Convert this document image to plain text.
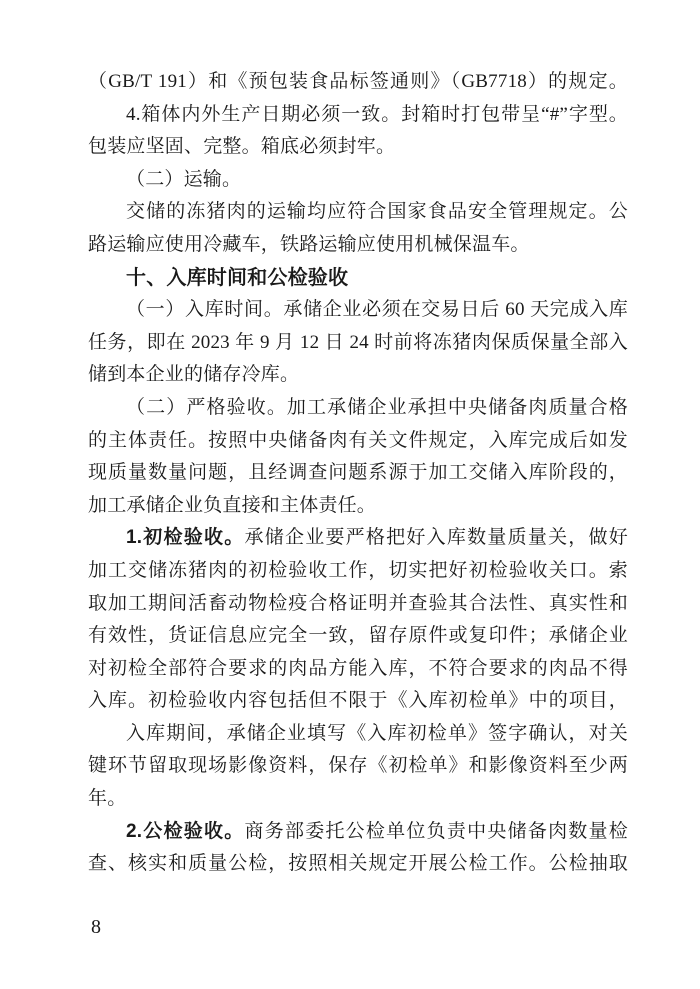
（GB/T 191）和《预包装食品标签通则》（GB7718）的规定。
4.箱体内外生产日期必须一致。封箱时打包带呈“#”字型。
包装应坚固、完整。箱底必须封牢。
（二）运输。
交储的冻猪肉的运输均应符合国家食品安全管理规定。公
路运输应使用冷藏车，铁路运输应使用机械保温车。
十、入库时间和公检验收
（一）入库时间。承储企业必须在交易日后 60 天完成入库
任务，即在 2023 年 9 月 12 日 24 时前将冻猪肉保质保量全部入
储到本企业的储存冷库。
（二）严格验收。加工承储企业承担中央储备肉质量合格
的主体责任。按照中央储备肉有关文件规定，入库完成后如发
现质量数量问题，且经调查问题系源于加工交储入库阶段的，
加工承储企业负直接和主体责任。
1.初检验收。承储企业要严格把好入库数量质量关，做好
加工交储冻猪肉的初检验收工作，切实把好初检验收关口。索
取加工期间活畜动物检疫合格证明并查验其合法性、真实性和
有效性，货证信息应完全一致，留存原件或复印件；承储企业
对初检全部符合要求的肉品方能入库，不符合要求的肉品不得
入库。初检验收内容包括但不限于《入库初检单》中的项目，
入库期间，承储企业填写《入库初检单》签字确认，对关
键环节留取现场影像资料，保存《初检单》和影像资料至少两
年。
2.公检验收。商务部委托公检单位负责中央储备肉数量检
查、核实和质量公检，按照相关规定开展公检工作。公检抽取
8
